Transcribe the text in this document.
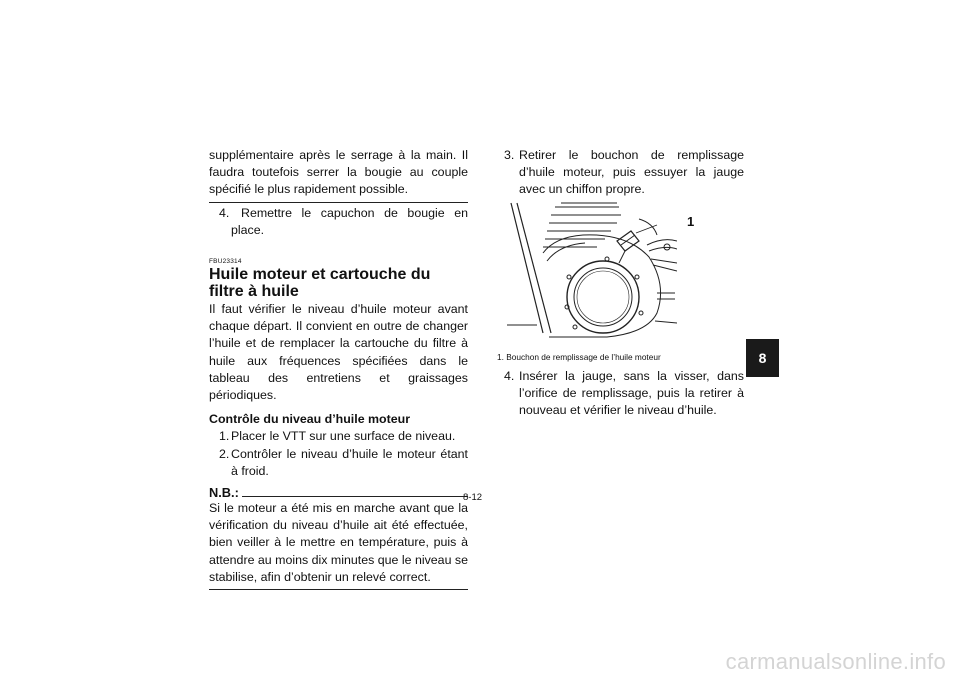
supplémentaire après le serrage à la main. Il faudra toutefois serrer la bougie au couple spécifié le plus rapidement possible.

4. Remettre le capuchon de bougie en place.

FBU23314
Huile moteur et cartouche du filtre à huile

Il faut vérifier le niveau d’huile moteur avant chaque départ. Il convient en outre de changer l’huile et de remplacer la cartouche du filtre à huile aux fréquences spécifiées dans le tableau des entretiens et graissages périodiques.

Contrôle du niveau d’huile moteur

1. Placer le VTT sur une surface de niveau.

2. Contrôler le niveau d’huile le moteur étant à froid.

N.B.:

Si le moteur a été mis en marche avant que la vérification du niveau d’huile ait été effectuée, bien veiller à le mettre en température, puis à attendre au moins dix minutes que le niveau se stabilise, afin d’obtenir un relevé correct.

3. Retirer le bouchon de remplissage d’huile moteur, puis essuyer la jauge avec un chiffon propre.

1

1. Bouchon de remplissage de l’huile moteur

4. Insérer la jauge, sans la visser, dans l’orifice de remplissage, puis la retirer à nouveau et vérifier le niveau d’huile.

8
8-12
carmanualsonline.info
